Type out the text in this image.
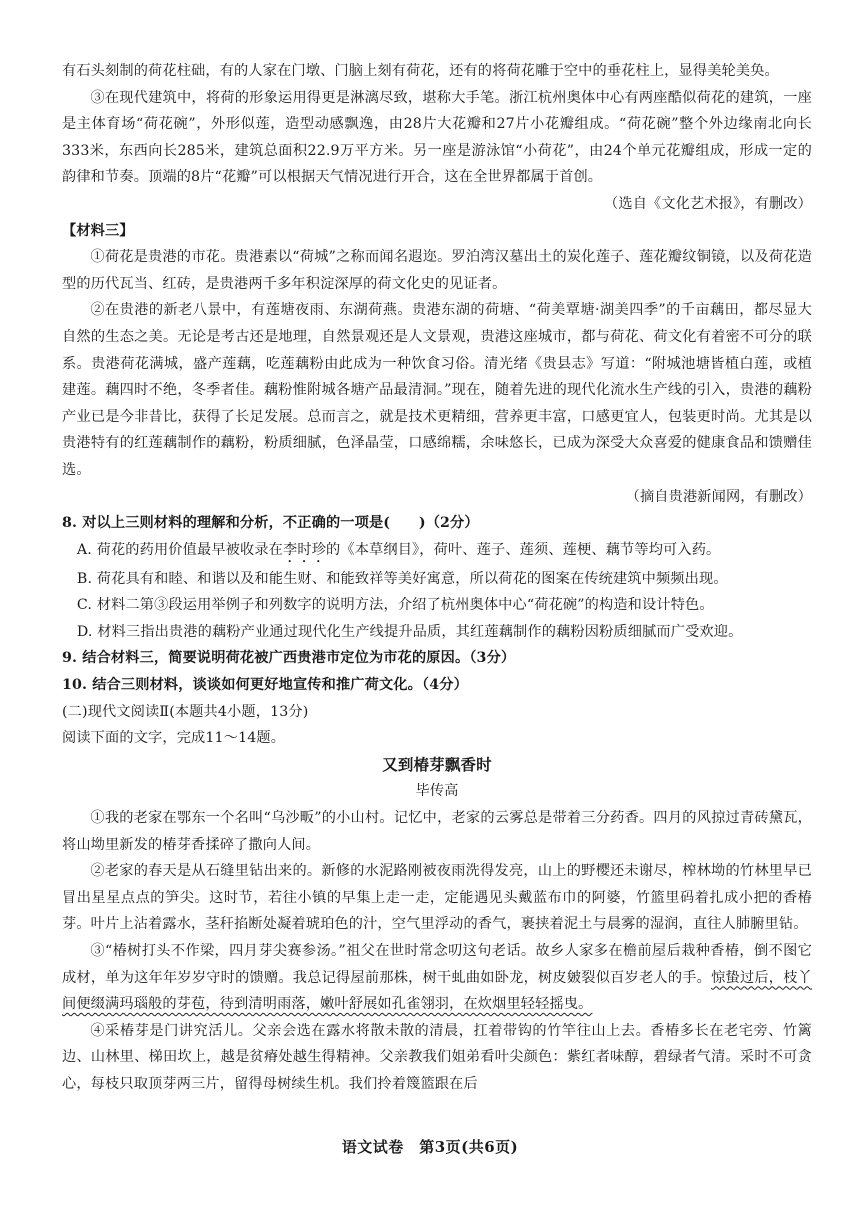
有石头刻制的荷花柱础，有的人家在门墩、门脑上刻有荷花，还有的将荷花雕于空中的垂花柱上，显得美轮美奂。

③在现代建筑中，将荷的形象运用得更是淋漓尽致，堪称大手笔。浙江杭州奥体中心有两座酷似荷花的建筑，一座是主体育场“荷花碗”，外形似莲，造型动感飘逸，由28片大花瓣和27片小花瓣组成。“荷花碗”整个外边缘南北向长333米，东西向长285米，建筑总面积22.9万平方米。另一座是游泳馆“小荷花”，由24个单元花瓣组成，形成一定的韵律和节奏。顶端的8片“花瓣”可以根据天气情况进行开合，这在全世界都属于首创。

（选自《文化艺术报》，有删改）

【材料三】

①荷花是贵港的市花。贵港素以“荷城”之称而闻名遐迩。罗泊湾汉墓出土的炭化莲子、莲花瓣纹铜镜，以及荷花造型的历代瓦当、红砖，是贵港两千多年积淀深厚的荷文化史的见证者。

②在贵港的新老八景中，有莲塘夜雨、东湖荷燕。贵港东湖的荷塘、“荷美覃塘·湖美四季”的千亩藕田，都尽显大自然的生态之美。无论是考古还是地理，自然景观还是人文景观，贵港这座城市，都与荷花、荷文化有着密不可分的联系。贵港荷花满城，盛产莲藕，吃莲藕粉由此成为一种饮食习俗。清光绪《贵县志》写道：“附城池塘皆植白莲，或植建莲。藕四时不绝，冬季者佳。藕粉惟附城各塘产品最清洞。”现在，随着先进的现代化流水生产线的引入，贵港的藕粉产业已是今非昔比，获得了长足发展。总而言之，就是技术更精细，营养更丰富，口感更宜人，包装更时尚。尤其是以贵港特有的红莲藕制作的藕粉，粉质细腻，色泽晶莹，口感绵糯，余味悠长，已成为深受大众喜爱的健康食品和馈赠佳选。

（摘自贵港新闻网，有删改）

8. 对以上三则材料的理解和分析，不正确的一项是(　　)（2分）

A. 荷花的药用价值最早被收录在李时珍的《本草纲目》，荷叶、莲子、莲须、莲梗、藕节等均可入药。

B. 荷花具有和睦、和谐以及和能生财、和能致祥等美好寓意，所以荷花的图案在传统建筑中频频出现。

C. 材料二第③段运用举例子和列数字的说明方法，介绍了杭州奥体中心“荷花碗”的构造和设计特色。

D. 材料三指出贵港的藕粉产业通过现代化生产线提升品质，其红莲藕制作的藕粉因粉质细腻而广受欢迎。

9. 结合材料三，简要说明荷花被广西贵港市定位为市花的原因。（3分）

10. 结合三则材料，谈谈如何更好地宣传和推广荷文化。（4分）

(二)现代文阅读Ⅱ(本题共4小题，13分)

阅读下面的文字，完成11～14题。

又到椿芽飘香时

毕传高

①我的老家在鄂东一个名叫“乌沙畈”的小山村。记忆中，老家的云雾总是带着三分药香。四月的风掠过青砖黛瓦，将山坳里新发的椿芽香揉碎了撒向人间。

②老家的春天是从石缝里钻出来的。新修的水泥路刚被夜雨洗得发亮，山上的野樱还未谢尽，榨林坳的竹林里早已冒出星星点点的笋尖。这时节，若往小镇的早集上走一走，定能遇见头戴蓝布巾的阿婆，竹篮里码着扎成小把的香椿芽。叶片上沾着露水，茎秆掐断处凝着琥珀色的汁，空气里浮动的香气，裹挟着泥土与晨雾的湿润，直往人肺腑里钻。

③“椿树打头不作梁，四月芽尖赛参汤。”祖父在世时常念叨这句老话。故乡人家多在檐前屋后栽种香椿，倒不图它成材，单为这年年岁岁守时的馈赠。我总记得屋前那株，树干虬曲如卧龙，树皮皴裂似百岁老人的手。惊蛰过后，枝丫间便缀满玛瑙般的芽苞，待到清明雨落，嫩叶舒展如孔雀翎羽，在炊烟里轻轻摇曳。

④采椿芽是门讲究活儿。父亲会选在露水将散未散的清晨，扛着带钩的竹竿往山上去。香椿多长在老宅旁、竹篱边、山林里、梯田坎上，越是贫瘠处越生得精神。父亲教我们姐弟看叶尖颜色：紫红者味醇，碧绿者气清。采时不可贪心，每枝只取顶芽两三片，留得母树续生机。我们拎着篾篮跟在后

语文试卷　第3页(共6页)
